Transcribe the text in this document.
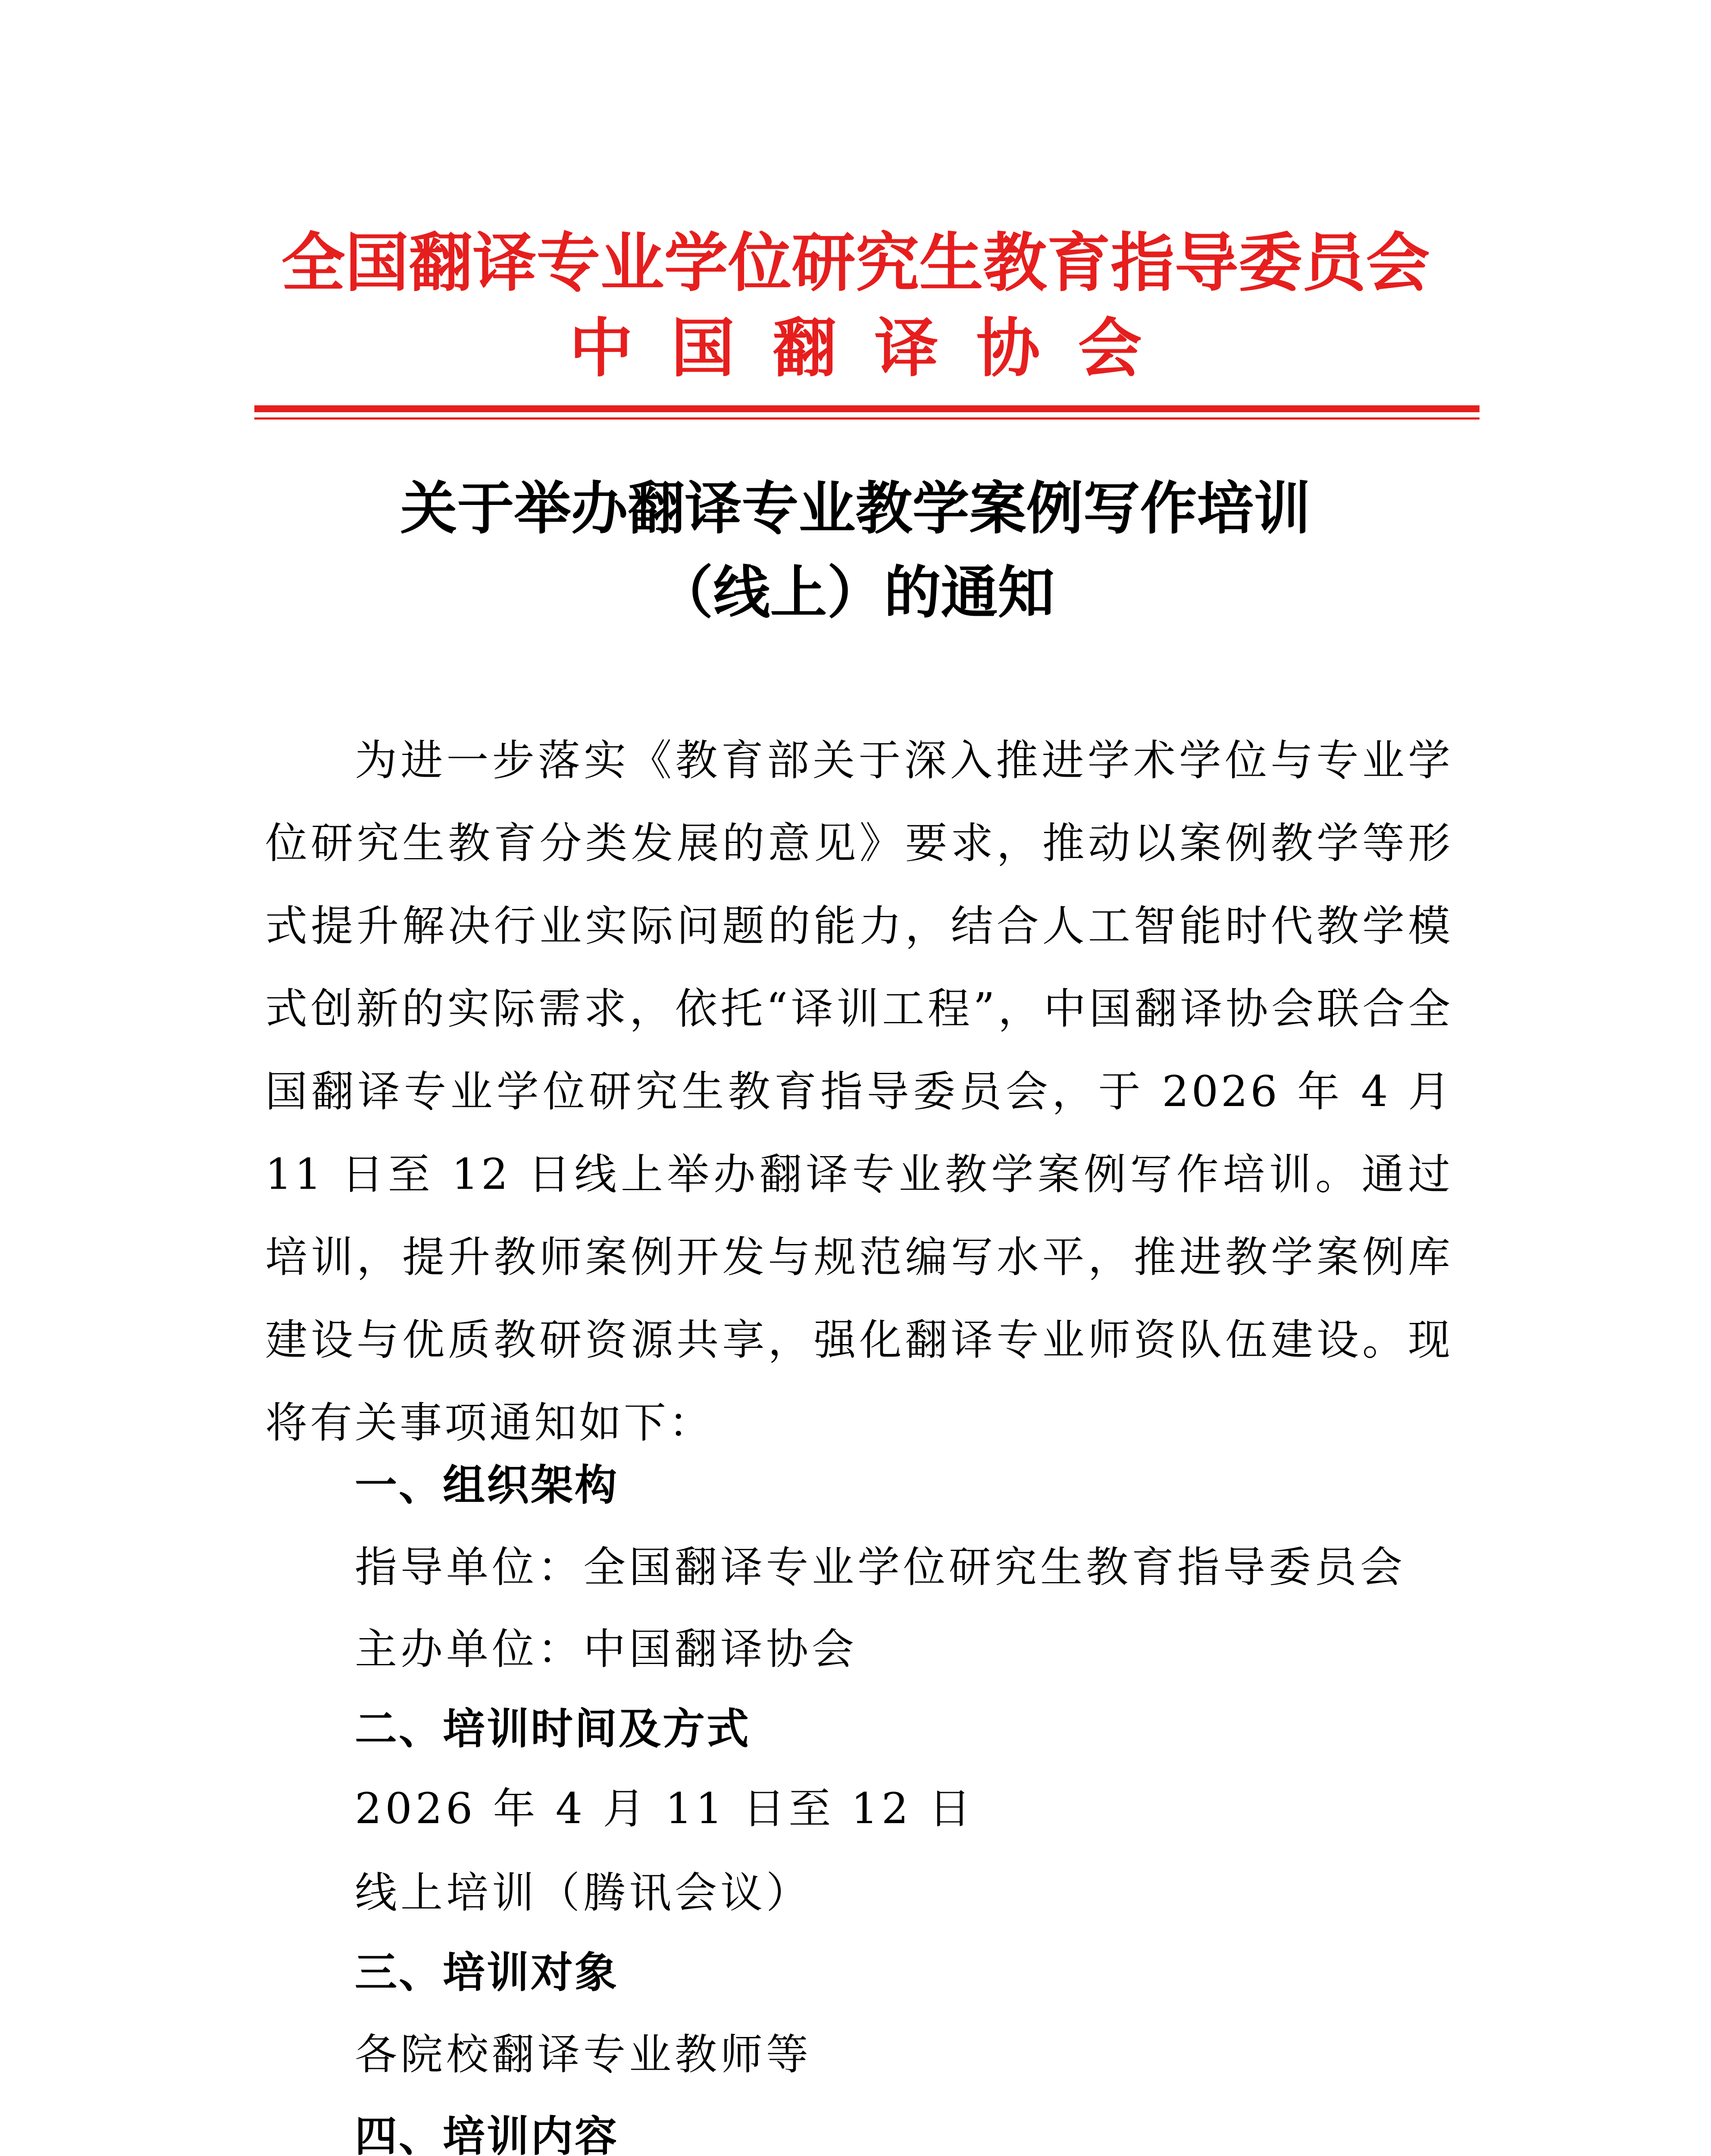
全国翻译专业学位研究生教育指导委员会
中国翻译协会
关于举办翻译专业教学案例写作培训
（线上）的通知
为进一步落实《教育部关于深入推进学术学位与专业学位研究生教育分类发展的意见》要求，推动以案例教学等形式提升解决行业实际问题的能力，结合人工智能时代教学模式创新的实际需求，依托“译训工程”，中国翻译协会联合全国翻译专业学位研究生教育指导委员会，于 2026 年 4 月 11 日至 12 日线上举办翻译专业教学案例写作培训。通过培训，提升教师案例开发与规范编写水平，推进教学案例库建设与优质教研资源共享，强化翻译专业师资队伍建设。现将有关事项通知如下：
一、组织架构
指导单位：全国翻译专业学位研究生教育指导委员会
主办单位：中国翻译协会
二、培训时间及方式
2026 年 4 月 11 日至 12 日
线上培训（腾讯会议）
三、培训对象
各院校翻译专业教师等
四、培训内容
